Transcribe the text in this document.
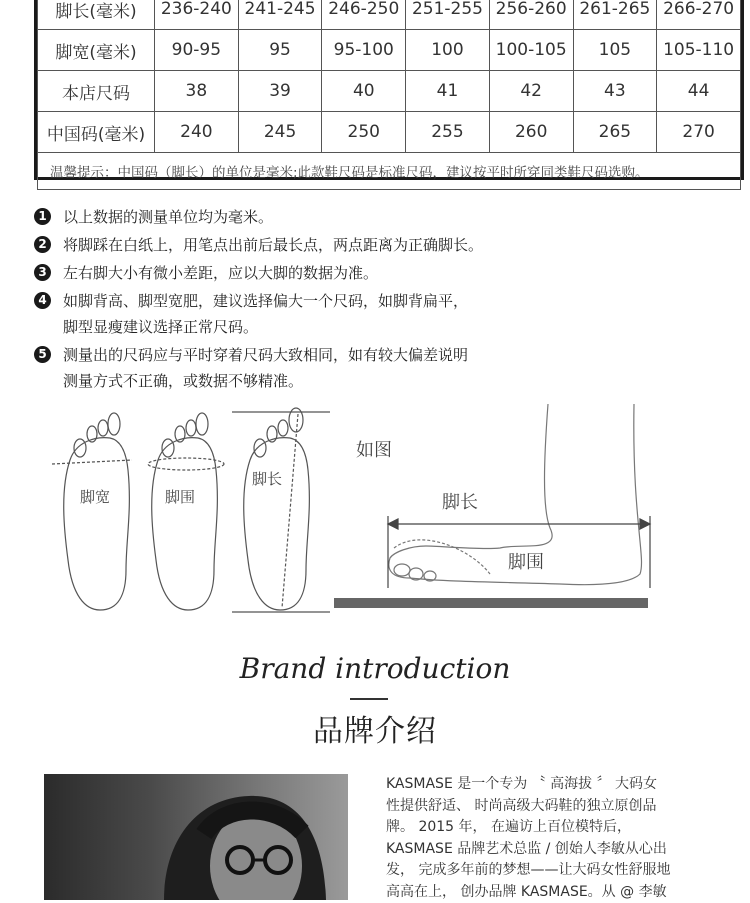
脚长(毫米)	236-240	241-245	246-250	251-255	256-260	261-265	266-270
脚宽(毫米)	90-95	95	95-100	100	100-105	105	105-110
本店尺码	38	39	40	41	42	43	44
中国码(毫米)	240	245	250	255	260	265	270
温馨提示：中国码（脚长）的单位是毫米;此款鞋尺码是标准尺码，建议按平时所穿同类鞋尺码选购。							
1 以上数据的测量单位均为毫米。
2 将脚踩在白纸上，用笔点出前后最长点，两点距离为正确脚长。
3 左右脚大小有微小差距，应以大脚的数据为准。
4 如脚背高、脚型宽肥，建议选择偏大一个尺码，如脚背扁平，
脚型显瘦建议选择正常尺码。
5 测量出的尺码应与平时穿着尺码大致相同，如有较大偏差说明
测量方式不正确，或数据不够精准。
脚宽	脚围
脚长
如图
脚长
脚围
Brand introduction
品牌介绍
KASMASE 是一个专为 〝 高海拔 〞 大码女
性提供舒适、 时尚高级大码鞋的独立原创品
牌。 2015 年， 在遍访上百位模特后，
KASMASE 品牌艺术总监 / 创始人李敏从心出
发， 完成多年前的梦想——让大码女性舒服地
高高在上， 创办品牌 KASMASE。从 @ 李敏
